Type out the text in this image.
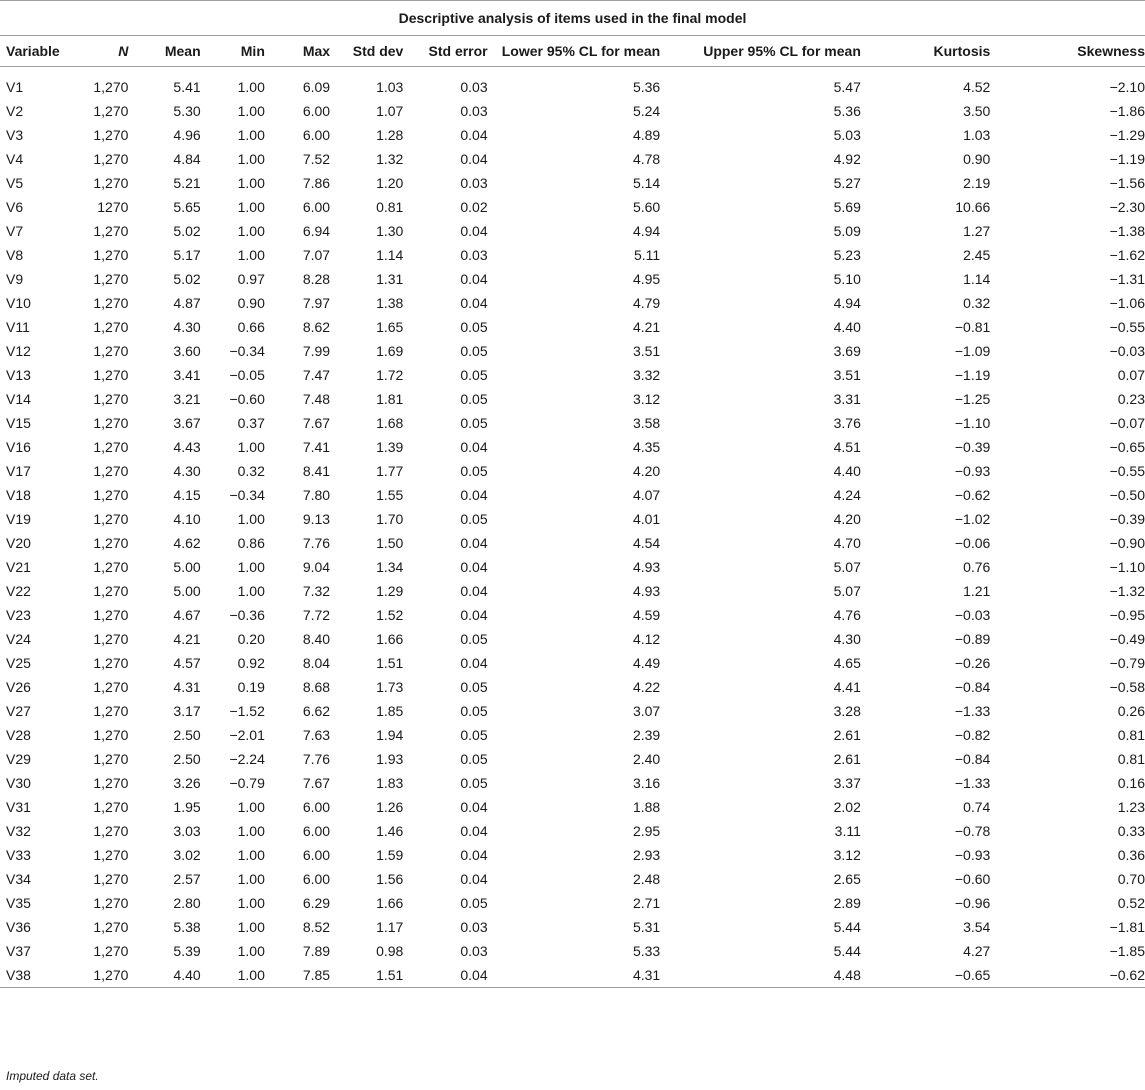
Descriptive analysis of items used in the final model										
Variable	N	Mean	Min	Max	Std dev	Std error	Lower 95% CL for mean	Upper 95% CL for mean	Kurtosis	Skewness

V1	1,270	5.41	1.00	6.09	1.03	0.03	5.36	5.47	4.52	−2.10
V2	1,270	5.30	1.00	6.00	1.07	0.03	5.24	5.36	3.50	−1.86
V3	1,270	4.96	1.00	6.00	1.28	0.04	4.89	5.03	1.03	−1.29
V4	1,270	4.84	1.00	7.52	1.32	0.04	4.78	4.92	0.90	−1.19
V5	1,270	5.21	1.00	7.86	1.20	0.03	5.14	5.27	2.19	−1.56
V6	1270	5.65	1.00	6.00	0.81	0.02	5.60	5.69	10.66	−2.30
V7	1,270	5.02	1.00	6.94	1.30	0.04	4.94	5.09	1.27	−1.38
V8	1,270	5.17	1.00	7.07	1.14	0.03	5.11	5.23	2.45	−1.62
V9	1,270	5.02	0.97	8.28	1.31	0.04	4.95	5.10	1.14	−1.31
V10	1,270	4.87	0.90	7.97	1.38	0.04	4.79	4.94	0.32	−1.06
V11	1,270	4.30	0.66	8.62	1.65	0.05	4.21	4.40	−0.81	−0.55
V12	1,270	3.60	−0.34	7.99	1.69	0.05	3.51	3.69	−1.09	−0.03
V13	1,270	3.41	−0.05	7.47	1.72	0.05	3.32	3.51	−1.19	0.07
V14	1,270	3.21	−0.60	7.48	1.81	0.05	3.12	3.31	−1.25	0.23
V15	1,270	3.67	0.37	7.67	1.68	0.05	3.58	3.76	−1.10	−0.07
V16	1,270	4.43	1.00	7.41	1.39	0.04	4.35	4.51	−0.39	−0.65
V17	1,270	4.30	0.32	8.41	1.77	0.05	4.20	4.40	−0.93	−0.55
V18	1,270	4.15	−0.34	7.80	1.55	0.04	4.07	4.24	−0.62	−0.50
V19	1,270	4.10	1.00	9.13	1.70	0.05	4.01	4.20	−1.02	−0.39
V20	1,270	4.62	0.86	7.76	1.50	0.04	4.54	4.70	−0.06	−0.90
V21	1,270	5.00	1.00	9.04	1.34	0.04	4.93	5.07	0.76	−1.10
V22	1,270	5.00	1.00	7.32	1.29	0.04	4.93	5.07	1.21	−1.32
V23	1,270	4.67	−0.36	7.72	1.52	0.04	4.59	4.76	−0.03	−0.95
V24	1,270	4.21	0.20	8.40	1.66	0.05	4.12	4.30	−0.89	−0.49
V25	1,270	4.57	0.92	8.04	1.51	0.04	4.49	4.65	−0.26	−0.79
V26	1,270	4.31	0.19	8.68	1.73	0.05	4.22	4.41	−0.84	−0.58
V27	1,270	3.17	−1.52	6.62	1.85	0.05	3.07	3.28	−1.33	0.26
V28	1,270	2.50	−2.01	7.63	1.94	0.05	2.39	2.61	−0.82	0.81
V29	1,270	2.50	−2.24	7.76	1.93	0.05	2.40	2.61	−0.84	0.81
V30	1,270	3.26	−0.79	7.67	1.83	0.05	3.16	3.37	−1.33	0.16
V31	1,270	1.95	1.00	6.00	1.26	0.04	1.88	2.02	0.74	1.23
V32	1,270	3.03	1.00	6.00	1.46	0.04	2.95	3.11	−0.78	0.33
V33	1,270	3.02	1.00	6.00	1.59	0.04	2.93	3.12	−0.93	0.36
V34	1,270	2.57	1.00	6.00	1.56	0.04	2.48	2.65	−0.60	0.70
V35	1,270	2.80	1.00	6.29	1.66	0.05	2.71	2.89	−0.96	0.52
V36	1,270	5.38	1.00	8.52	1.17	0.03	5.31	5.44	3.54	−1.81
V37	1,270	5.39	1.00	7.89	0.98	0.03	5.33	5.44	4.27	−1.85
V38	1,270	4.40	1.00	7.85	1.51	0.04	4.31	4.48	−0.65	−0.62
Imputed data set.
